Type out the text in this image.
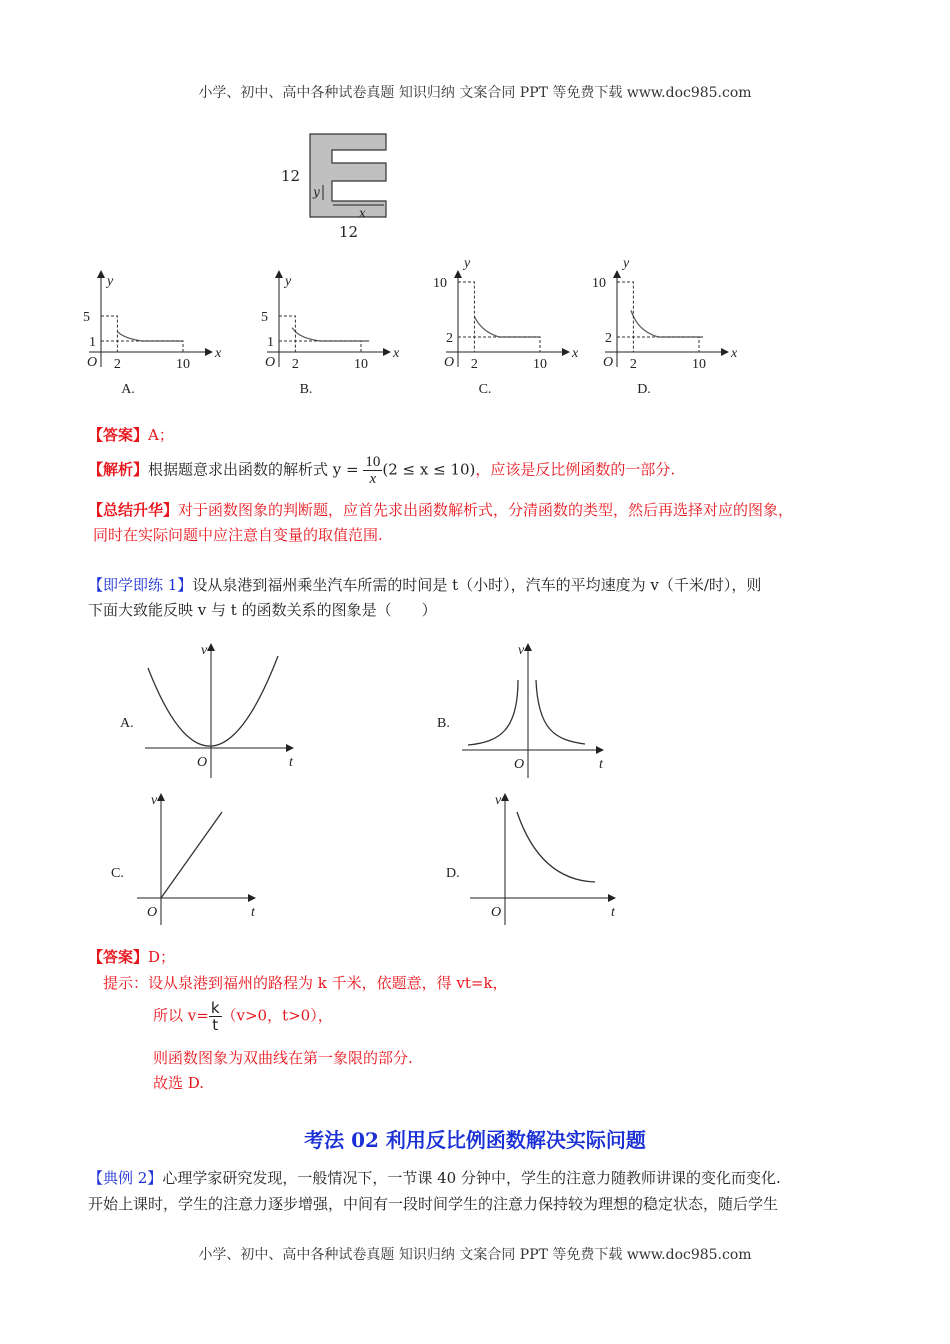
小学、初中、高中各种试卷真题 知识归纳 文案合同 PPT 等免费下载 www.doc985.com
5
1
2	10
O
x
y
A.
5
1
2	10
O
x
y
B.
10
2
2	10
O
x
y
C.
10
2
2	10
O
x
y
D.
v
O	t
A.
v
O	t
B.
v
O	t
C.
v
O	t
D.
12
12
y
x
【答案】A；
【解析】根据题意求出函数的解析式 $y = \frac{10}{x} (2 \le x \le 10)$，应该是反比例函数的一部分.
【总结升华】对于函数图象的判断题，应首先求出函数解析式，分清函数的类型，然后再选择对应的图象，
同时在实际问题中应注意自变量的取值范围.
【即学即练 1】设从泉港到福州乘坐汽车所需的时间是 t（小时），汽车的平均速度为 v（千米/时），则
下面大致能反映 v 与 t 的函数关系的图象是（　　）
【答案】D；
提示：设从泉港到福州的路程为 k 千米，依题意，得 vt=k，
所以 $v= \frac{k}{t} (v>0$，t>0），
则函数图象为双曲线在第一象限的部分.
故选 D.
考法 02 利用反比例函数解决实际问题
【典例 2】心理学家研究发现，一般情况下，一节课 40 分钟中，学生的注意力随教师讲课的变化而变化.
开始上课时，学生的注意力逐步增强，中间有一段时间学生的注意力保持较为理想的稳定状态，随后学生
小学、初中、高中各种试卷真题 知识归纳 文案合同 PPT 等免费下载 www.doc985.com
